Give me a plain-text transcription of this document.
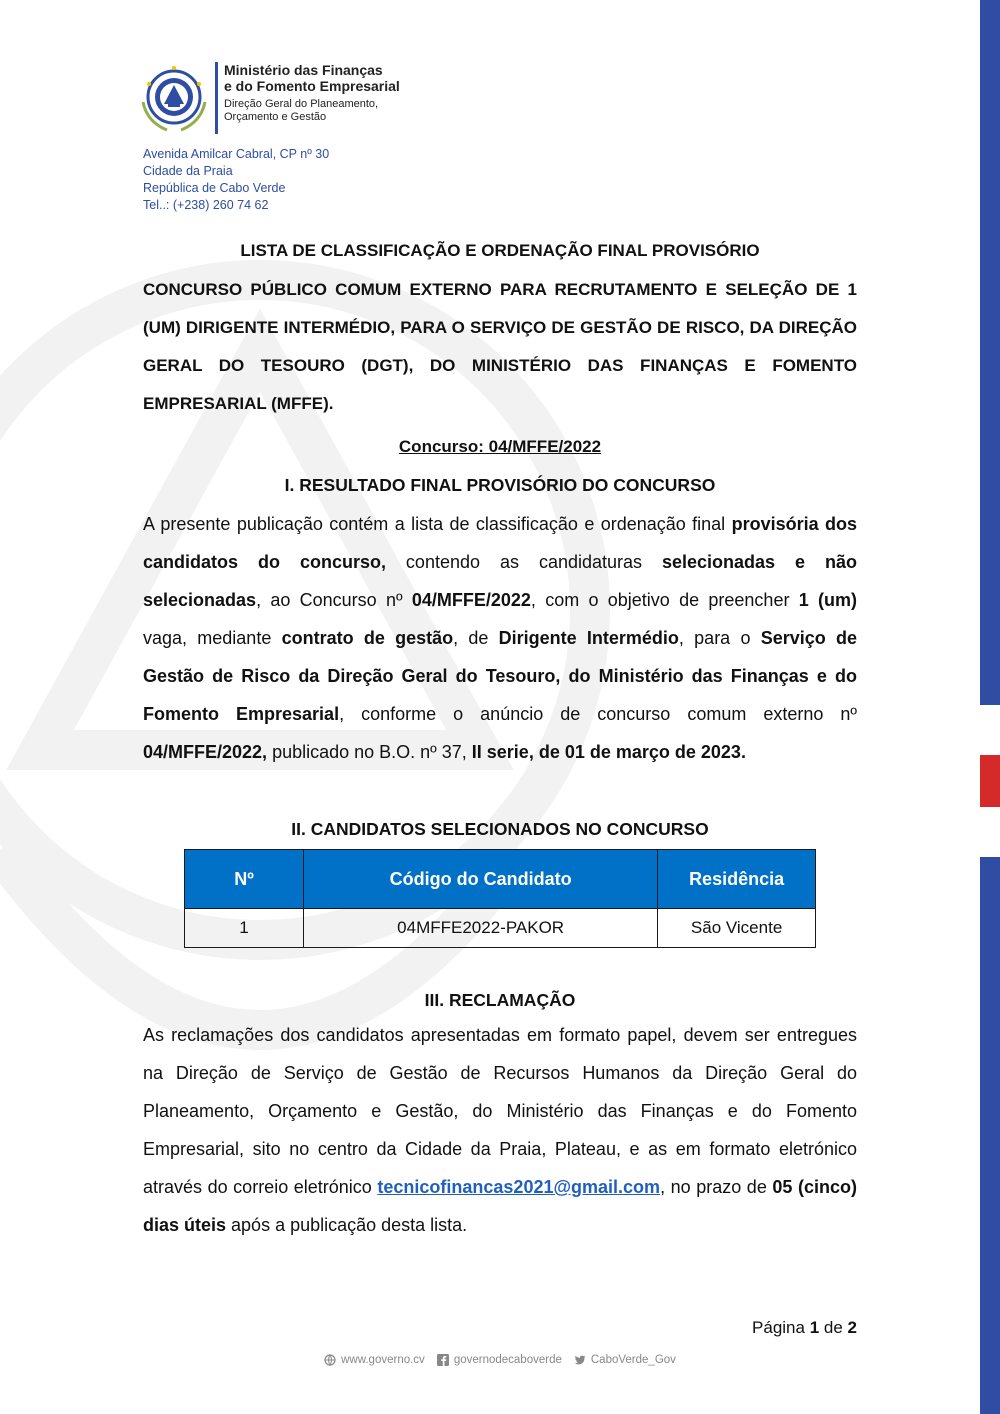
Ministério das Finanças
e do Fomento Empresarial
Direção Geral do Planeamento,
Orçamento e Gestão
Avenida Amilcar Cabral, CP nº 30
Cidade da Praia
República de Cabo Verde
Tel..: (+238) 260 74 62
LISTA DE CLASSIFICAÇÃO E ORDENAÇÃO FINAL PROVISÓRIO

CONCURSO PÚBLICO COMUM EXTERNO PARA RECRUTAMENTO E SELEÇÃO DE 1 (UM) DIRIGENTE INTERMÉDIO, PARA O SERVIÇO DE GESTÃO DE RISCO, DA DIREÇÃO GERAL DO TESOURO (DGT), DO MINISTÉRIO DAS FINANÇAS E FOMENTO EMPRESARIAL (MFFE).

Concurso: 04/MFFE/2022
I. RESULTADO FINAL PROVISÓRIO DO CONCURSO

A presente publicação contém a lista de classificação e ordenação final provisória dos candidatos do concurso, contendo as candidaturas selecionadas e não selecionadas, ao Concurso nº 04/MFFE/2022, com o objetivo de preencher 1 (um) vaga, mediante contrato de gestão, de Dirigente Intermédio, para o Serviço de Gestão de Risco da Direção Geral do Tesouro, do Ministério das Finanças e do Fomento Empresarial, conforme o anúncio de concurso comum externo nº 04/MFFE/2022, publicado no B.O. nº 37, II serie, de 01 de março de 2023.

II. CANDIDATOS SELECIONADOS NO CONCURSO
Nº	Código do Candidato	Residência
1	04MFFE2022-PAKOR	São Vicente
III. RECLAMAÇÃO

As reclamações dos candidatos apresentadas em formato papel, devem ser entregues na Direção de Serviço de Gestão de Recursos Humanos da Direção Geral do Planeamento, Orçamento e Gestão, do Ministério das Finanças e do Fomento Empresarial, sito no centro da Cidade da Praia, Plateau, e as em formato eletrónico através do correio eletrónico tecnicofinancas2021@gmail.com, no prazo de 05 (cinco) dias úteis após a publicação desta lista.

Página 1 de 2
www.governo.cv	governodecaboverde	CaboVerde_Gov
